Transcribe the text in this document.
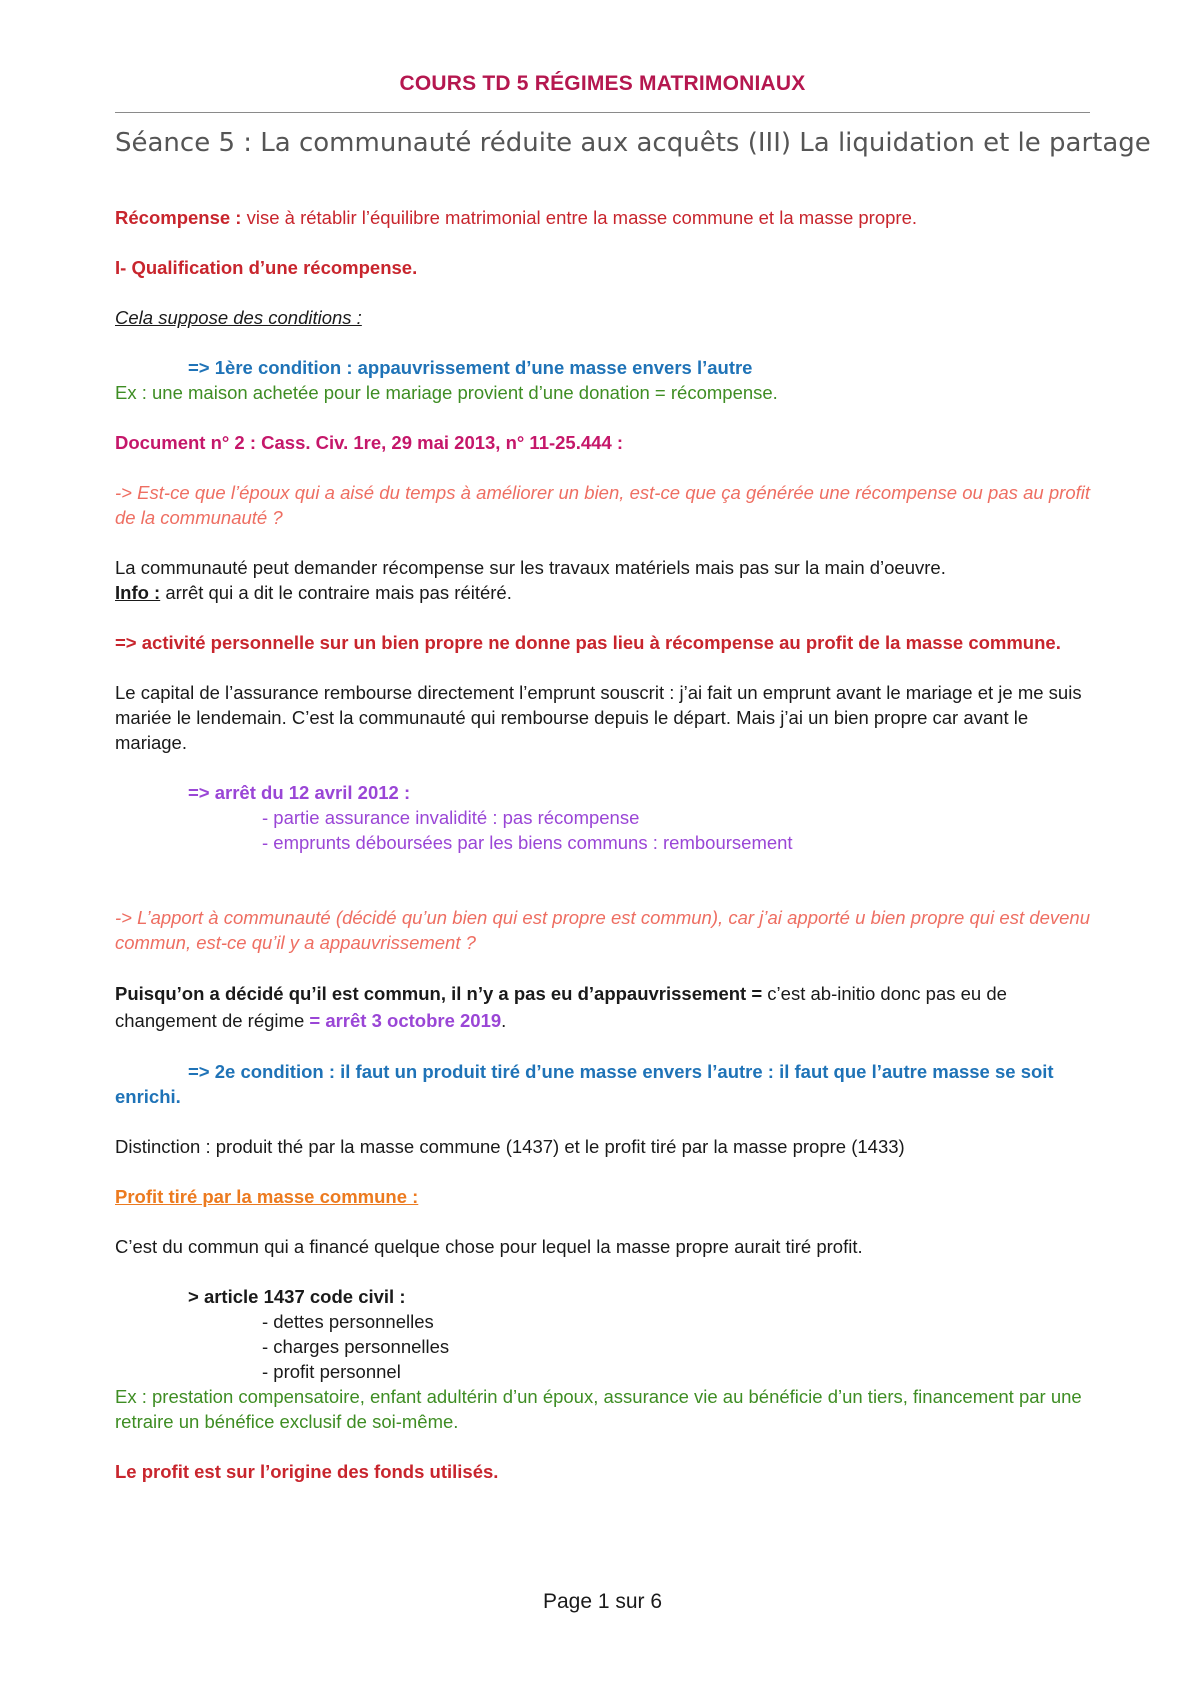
COURS TD 5 RÉGIMES MATRIMONIAUX
Séance 5 : La communauté réduite aux acquêts (III) La liquidation et le partage

Récompense : vise à rétablir l’équilibre matrimonial entre la masse commune et la masse propre.

I- Qualification d’une récompense.

Cela suppose des conditions :

=> 1ère condition : appauvrissement d’une masse envers l’autre

Ex : une maison achetée pour le mariage provient d’une donation = récompense.

Document n° 2 : Cass. Civ. 1re, 29 mai 2013, n° 11-25.444 :

-> Est-ce que l’époux qui a aisé du temps à améliorer un bien, est-ce que ça générée une récompense ou pas au profit de la communauté ?

La communauté peut demander récompense sur les travaux matériels mais pas sur la main d’oeuvre.

Info : arrêt qui a dit le contraire mais pas réitéré.

=> activité personnelle sur un bien propre ne donne pas lieu à récompense au profit de la masse commune.

Le capital de l’assurance rembourse directement l’emprunt souscrit : j’ai fait un emprunt avant le mariage et je me suis mariée le lendemain. C’est la communauté qui rembourse depuis le départ. Mais j’ai un bien propre car avant le mariage.

=> arrêt du 12 avril 2012 :

- partie assurance invalidité : pas récompense

- emprunts déboursées par les biens communs : remboursement

-> L’apport à communauté (décidé qu’un bien qui est propre est commun), car j’ai apporté u bien propre qui est devenu commun, est-ce qu’il y a appauvrissement ?

Puisqu’on a décidé qu’il est commun, il n’y a pas eu d’appauvrissement = c’est ab-initio donc pas eu de changement de régime = arrêt 3 octobre 2019.

=> 2e condition : il faut un produit tiré d’une masse envers l’autre : il faut que l’autre masse se soit enrichi.

Distinction : produit thé par la masse commune (1437) et le profit tiré par la masse propre (1433)

Profit tiré par la masse commune :

C’est du commun qui a financé quelque chose pour lequel la masse propre aurait tiré profit.

> article 1437 code civil :

- dettes personnelles

- charges personnelles

- profit personnel

Ex : prestation compensatoire, enfant adultérin d’un époux, assurance vie au bénéficie d’un tiers, financement par une retraire un bénéfice exclusif de soi-même.

Le profit est sur l’origine des fonds utilisés.

Page 1 sur 6
